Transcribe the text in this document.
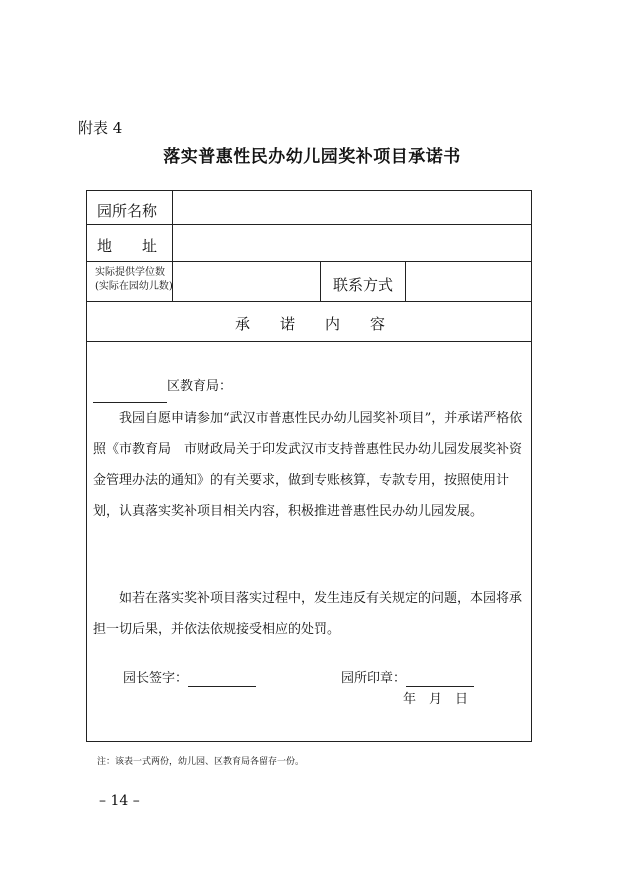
附表 4
落实普惠性民办幼儿园奖补项目承诺书
园所名称
地　　址
实际提供学位数
(实际在园幼儿数)	联系方式
承　　诺　　内　　容
区教育局：
我园自愿申请参加“武汉市普惠性民办幼儿园奖补项目”，并承诺严格依照《市教育局　市财政局关于印发武汉市支持普惠性民办幼儿园发展奖补资金管理办法的通知》的有关要求，做到专账核算，专款专用，按照使用计划，认真落实奖补项目相关内容，积极推进普惠性民办幼儿园发展。
如若在落实奖补项目落实过程中，发生违反有关规定的问题，本园将承担一切后果，并依法依规接受相应的处罚。
园长签字：	园所印章：
年　月　日
注：该表一式两份，幼儿园、区教育局各留存一份。
– 14 –
